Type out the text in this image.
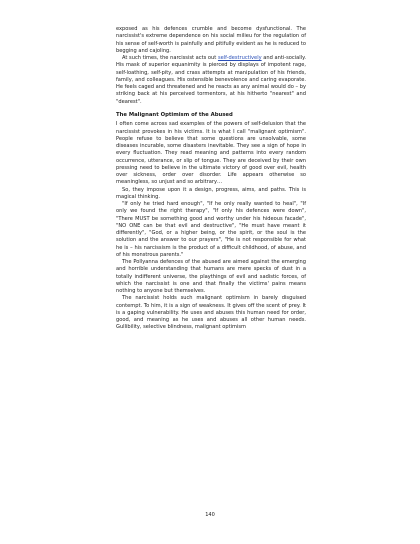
exposed as his defences crumble and become dysfunctional. The narcissist's extreme dependence on his social milieu for the regulation of his sense of self-worth is painfully and pitifully evident as he is reduced to begging and cajoling.

At such times, the narcissist acts out self-destructively and anti-socially. His mask of superior equanimity is pierced by displays of impotent rage, self-loathing, self-pity, and crass attempts at manipulation of his friends, family, and colleagues. His ostensible benevolence and caring evaporate. He feels caged and threatened and he reacts as any animal would do – by striking back at his perceived tormentors, at his hitherto "nearest" and "dearest".

The Malignant Optimism of the Abused

I often come across sad examples of the powers of self-delusion that the narcissist provokes in his victims. It is what I call "malignant optimism". People refuse to believe that some questions are unsolvable, some diseases incurable, some disasters inevitable. They see a sign of hope in every fluctuation. They read meaning and patterns into every random occurrence, utterance, or slip of tongue. They are deceived by their own pressing need to believe in the ultimate victory of good over evil, health over sickness, order over disorder. Life appears otherwise so meaningless, so unjust and so arbitrary…

So, they impose upon it a design, progress, aims, and paths. This is magical thinking.

"If only he tried hard enough", "If he only really wanted to heal", "If only we found the right therapy", "If only his defences were down", "There MUST be something good and worthy under his hideous facade", "NO ONE can be that evil and destructive", "He must have meant it differently", "God, or a higher being, or the spirit, or the soul is the solution and the answer to our prayers", "He is not responsible for what he is – his narcissism is the product of a difficult childhood, of abuse, and of his monstrous parents."

The Pollyanna defences of the abused are aimed against the emerging and horrible understanding that humans are mere specks of dust in a totally indifferent universe, the playthings of evil and sadistic forces, of which the narcissist is one and that finally the victims' pains means nothing to anyone but themselves.

The narcissist holds such malignant optimism in barely disguised contempt. To him, it is a sign of weakness. It gives off the scent of prey. It is a gaping vulnerability. He uses and abuses this human need for order, good, and meaning as he uses and abuses all other human needs. Gullibility, selective blindness, malignant optimism

140
